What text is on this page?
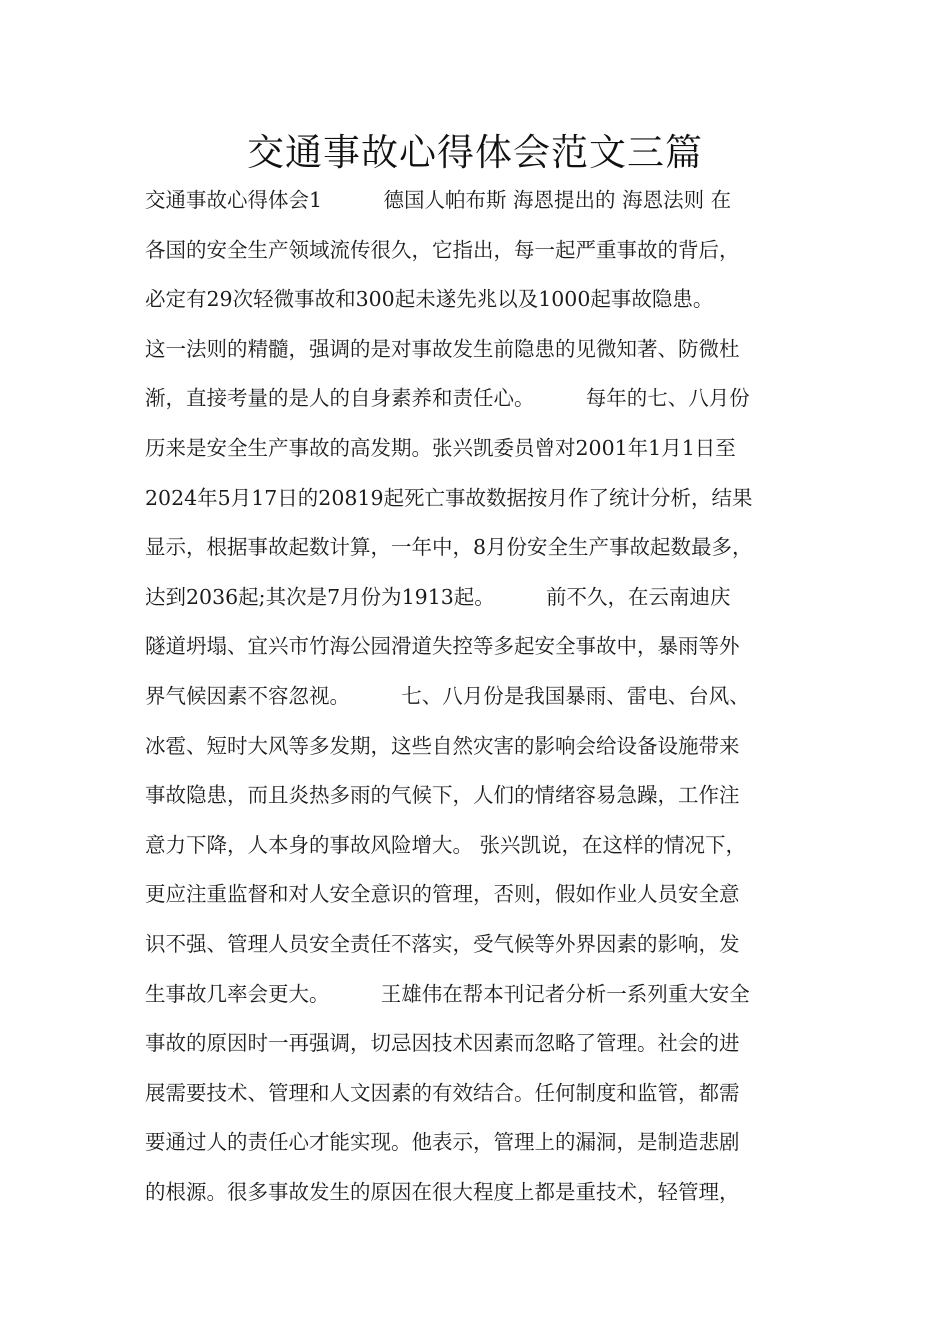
交通事故心得体会范文三篇
交通事故心得体会1　　　德国人帕布斯 海恩提出的 海恩法则 在
各国的安全生产领域流传很久，它指出，每一起严重事故的背后，
必定有29次轻微事故和300起未遂先兆以及1000起事故隐患。
这一法则的精髓，强调的是对事故发生前隐患的见微知著、防微杜
渐，直接考量的是人的自身素养和责任心。　　　每年的七、八月份
历来是安全生产事故的高发期。张兴凯委员曾对2001年1月1日至
2024年5月17日的20819起死亡事故数据按月作了统计分析，结果
显示，根据事故起数计算，一年中，8月份安全生产事故起数最多，
达到2036起;其次是7月份为1913起。　　　前不久，在云南迪庆
隧道坍塌、宜兴市竹海公园滑道失控等多起安全事故中，暴雨等外
界气候因素不容忽视。　　　七、八月份是我国暴雨、雷电、台风、
冰雹、短时大风等多发期，这些自然灾害的影响会给设备设施带来
事故隐患，而且炎热多雨的气候下，人们的情绪容易急躁，工作注
意力下降，人本身的事故风险增大。 张兴凯说，在这样的情况下，
更应注重监督和对人安全意识的管理，否则，假如作业人员安全意
识不强、管理人员安全责任不落实，受气候等外界因素的影响，发
生事故几率会更大。　　　王雄伟在帮本刊记者分析一系列重大安全
事故的原因时一再强调，切忌因技术因素而忽略了管理。社会的进
展需要技术、管理和人文因素的有效结合。任何制度和监管，都需
要通过人的责任心才能实现。他表示，管理上的漏洞，是制造悲剧
的根源。很多事故发生的原因在很大程度上都是重技术，轻管理，
